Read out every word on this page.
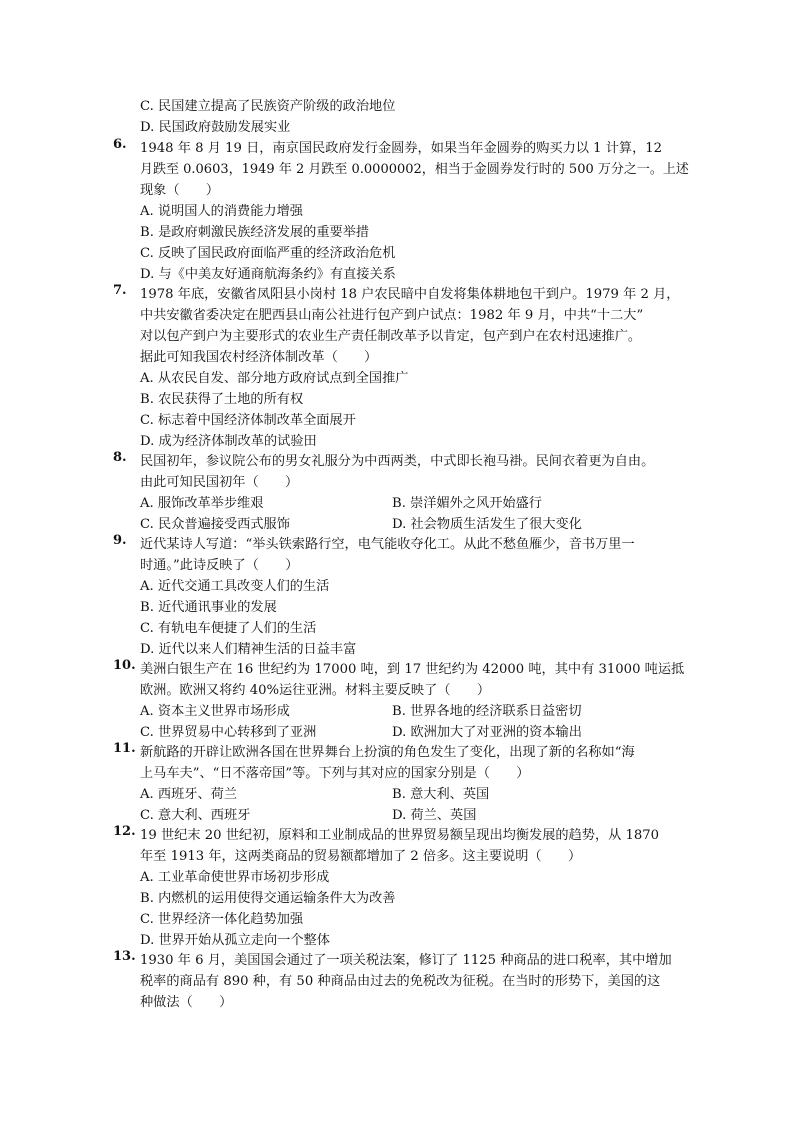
C. 民国建立提高了民族资产阶级的政治地位
D. 民国政府鼓励发展实业
6. 1948 年 8 月 19 日，南京国民政府发行金圆券，如果当年金圆券的购买力以 1 计算，12
月跌至 0.0603，1949 年 2 月跌至 0.0000002，相当于金圆券发行时的 500 万分之一。上述
现象（　　）
A. 说明国人的消费能力增强
B. 是政府刺激民族经济发展的重要举措
C. 反映了国民政府面临严重的经济政治危机
D. 与《中美友好通商航海条约》有直接关系
7. 1978 年底，安徽省凤阳县小岗村 18 户农民暗中自发将集体耕地包干到户。1979 年 2 月，
中共安徽省委决定在肥西县山南公社进行包产到户试点：1982 年 9 月，中共“十二大”
对以包产到户为主要形式的农业生产责任制改革予以肯定，包产到户在农村迅速推广。
据此可知我国农村经济体制改革（　　）
A. 从农民自发、部分地方政府试点到全国推广
B. 农民获得了土地的所有权
C. 标志着中国经济体制改革全面展开
D. 成为经济体制改革的试验田
8. 民国初年，参议院公布的男女礼服分为中西两类，中式即长袍马褂。民间衣着更为自由。
由此可知民国初年（　　）
A. 服饰改革举步维艰	B. 崇洋媚外之风开始盛行
C. 民众普遍接受西式服饰	D. 社会物质生活发生了很大变化
9. 近代某诗人写道：“举头铁索路行空，电气能收夺化工。从此不愁鱼雁少，音书万里一
时通。”此诗反映了（　　）
A. 近代交通工具改变人们的生活
B. 近代通讯事业的发展
C. 有轨电车便捷了人们的生活
D. 近代以来人们精神生活的日益丰富
10. 美洲白银生产在 16 世纪约为 17000 吨，到 17 世纪约为 42000 吨，其中有 31000 吨运抵
欧洲。欧洲又将约 40%运往亚洲。材料主要反映了（　　）
A. 资本主义世界市场形成	B. 世界各地的经济联系日益密切
C. 世界贸易中心转移到了亚洲	D. 欧洲加大了对亚洲的资本输出
11. 新航路的开辟让欧洲各国在世界舞台上扮演的角色发生了变化，出现了新的名称如“海
上马车夫”、“日不落帝国”等。下列与其对应的国家分别是（　　）
A. 西班牙、荷兰	B. 意大利、英国
C. 意大利、西班牙	D. 荷兰、英国
12. 19 世纪末 20 世纪初，原料和工业制成品的世界贸易额呈现出均衡发展的趋势，从 1870
年至 1913 年，这两类商品的贸易额都增加了 2 倍多。这主要说明（　　）
A. 工业革命使世界市场初步形成
B. 内燃机的运用使得交通运输条件大为改善
C. 世界经济一体化趋势加强
D. 世界开始从孤立走向一个整体
13. 1930 年 6 月，美国国会通过了一项关税法案，修订了 1125 种商品的进口税率，其中增加
税率的商品有 890 种，有 50 种商品由过去的免税改为征税。在当时的形势下，美国的这
种做法（　　）
